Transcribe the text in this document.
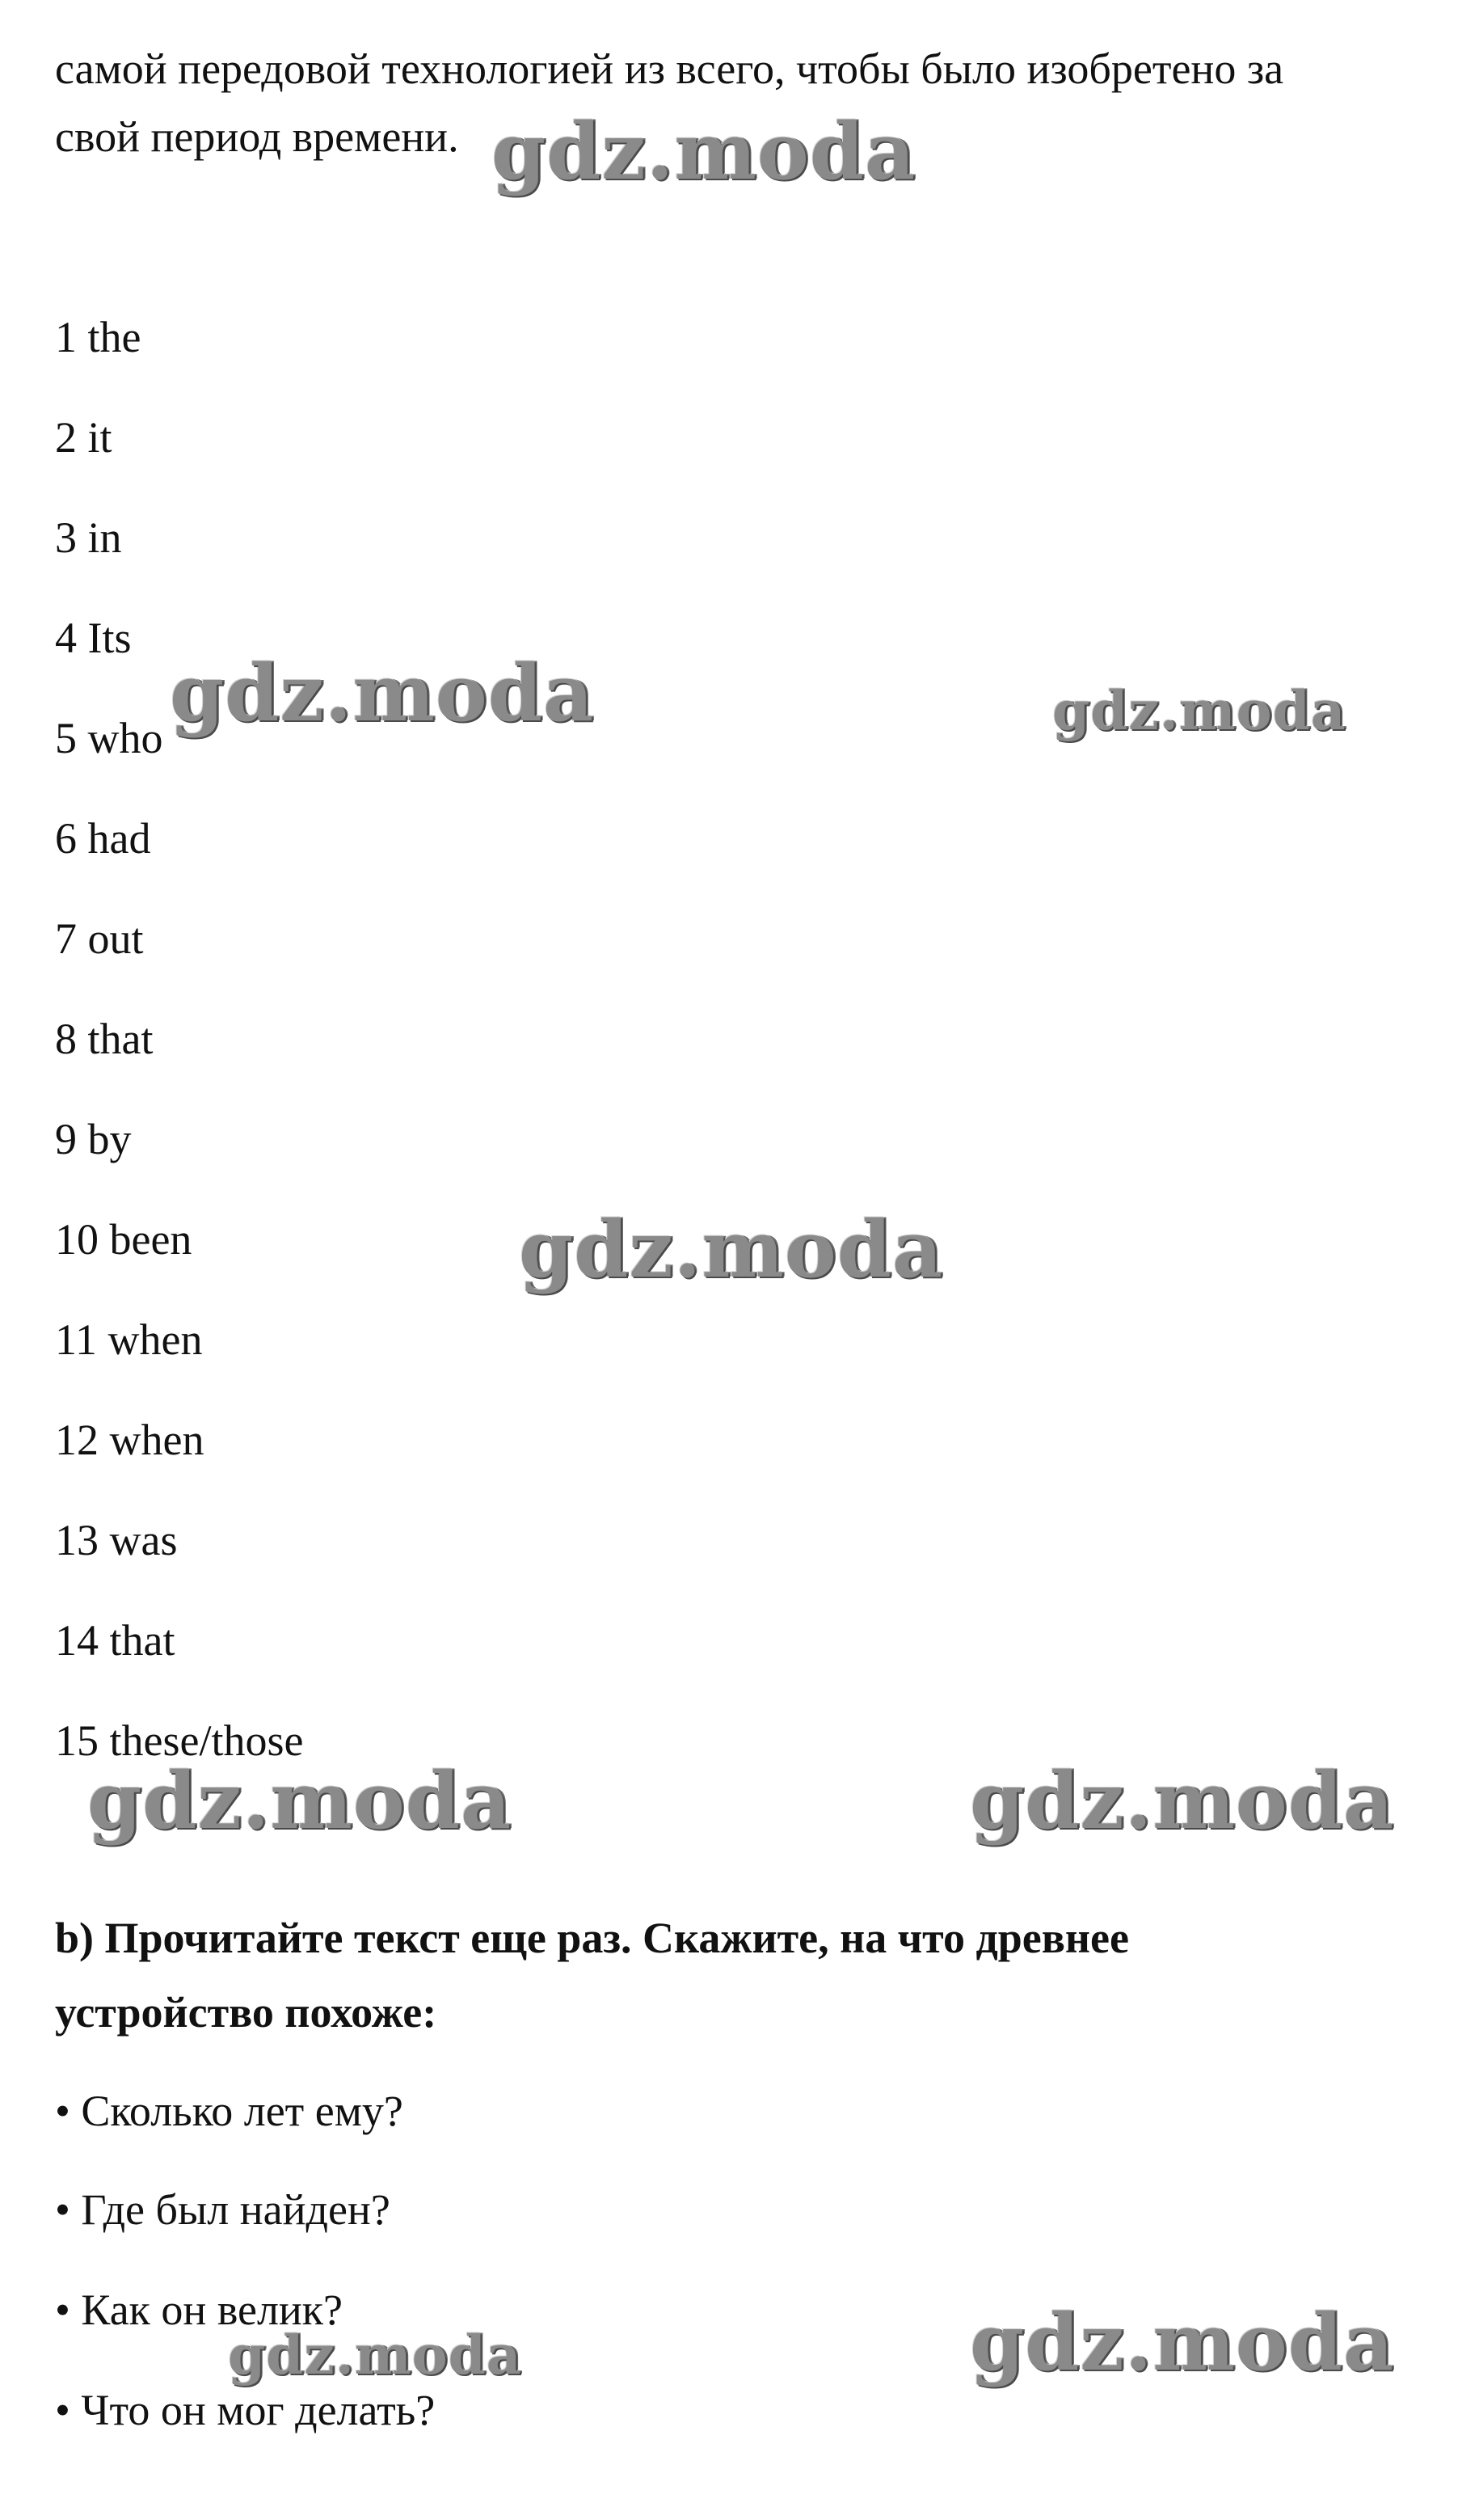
самой передовой технологией из всего, чтобы было изобретено за
свой период времени.
1 the
2 it
3 in
4 Its
5 who
6 had
7 out
8 that
9 by
10 been
11 when
12 when
13 was
14 that
15 these/those
b) Прочитайте текст еще раз. Скажите, на что древнее
устройство похоже:
• Сколько лет ему?
• Где был найден?
• Как он велик?
• Что он мог делать?
gdz.moda
gdz.moda	gdz.moda
gdz.moda
gdz.moda	gdz.moda
gdz.moda	gdz.moda
